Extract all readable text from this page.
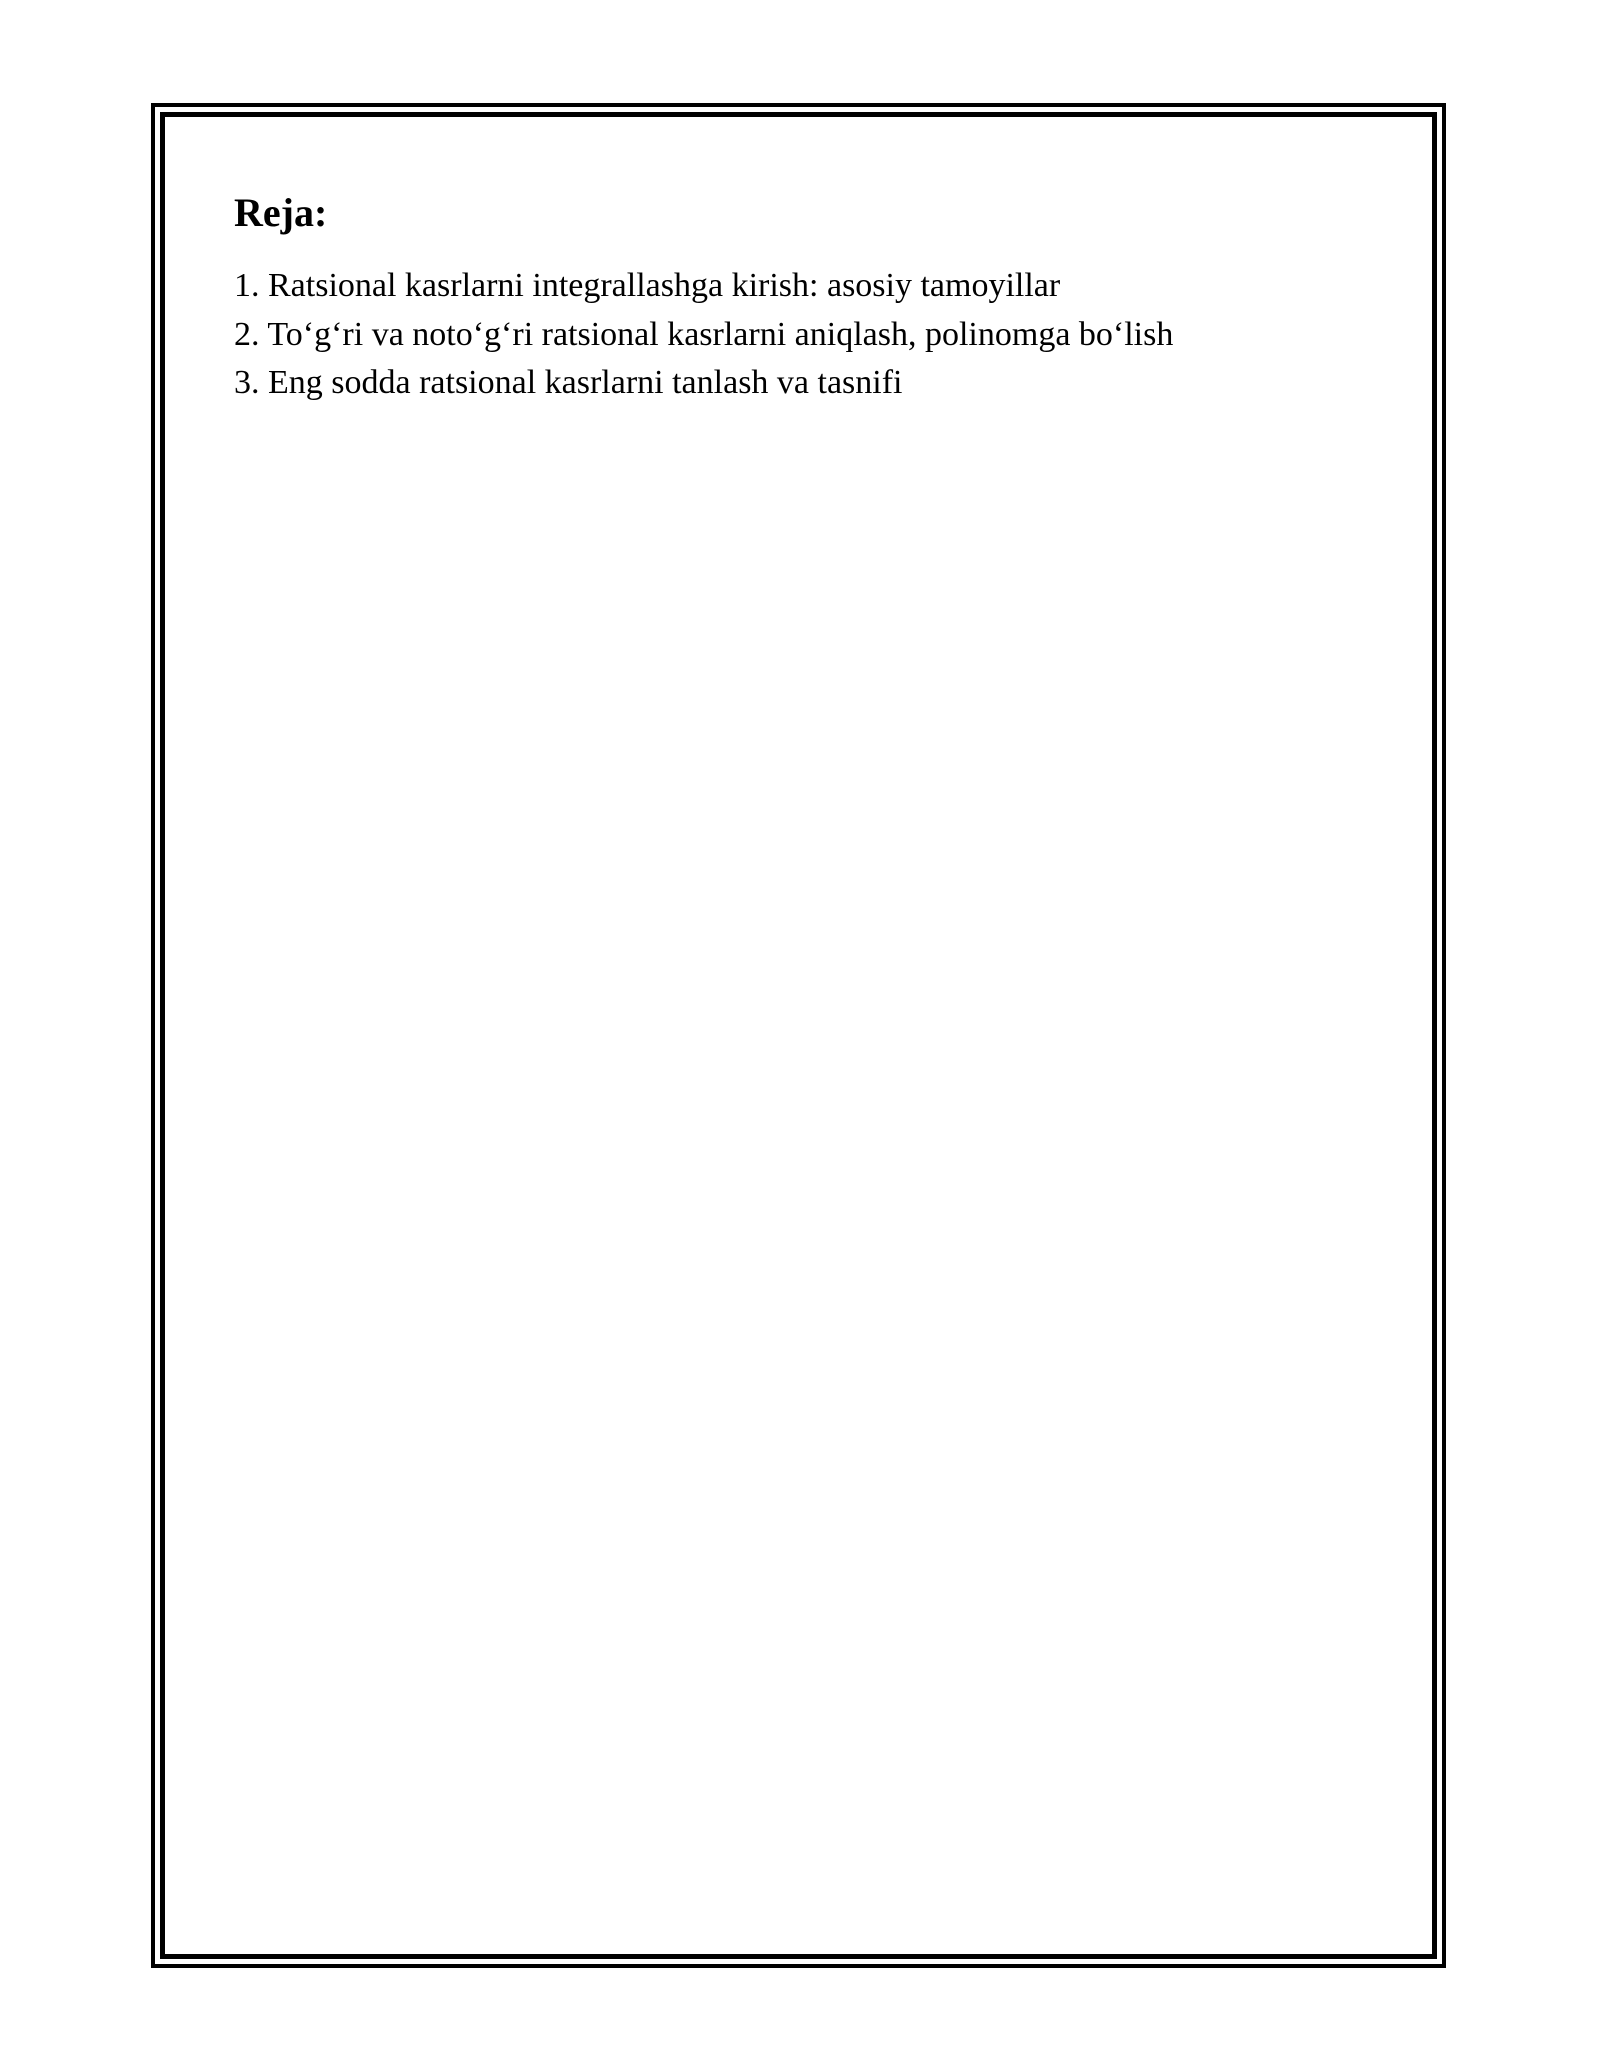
Reja:
1. Ratsional kasrlarni integrallashga kirish: asosiy tamoyillar
2. To‘g‘ri va noto‘g‘ri ratsional kasrlarni aniqlash, polinomga bo‘lish
3. Eng sodda ratsional kasrlarni tanlash va tasnifi
